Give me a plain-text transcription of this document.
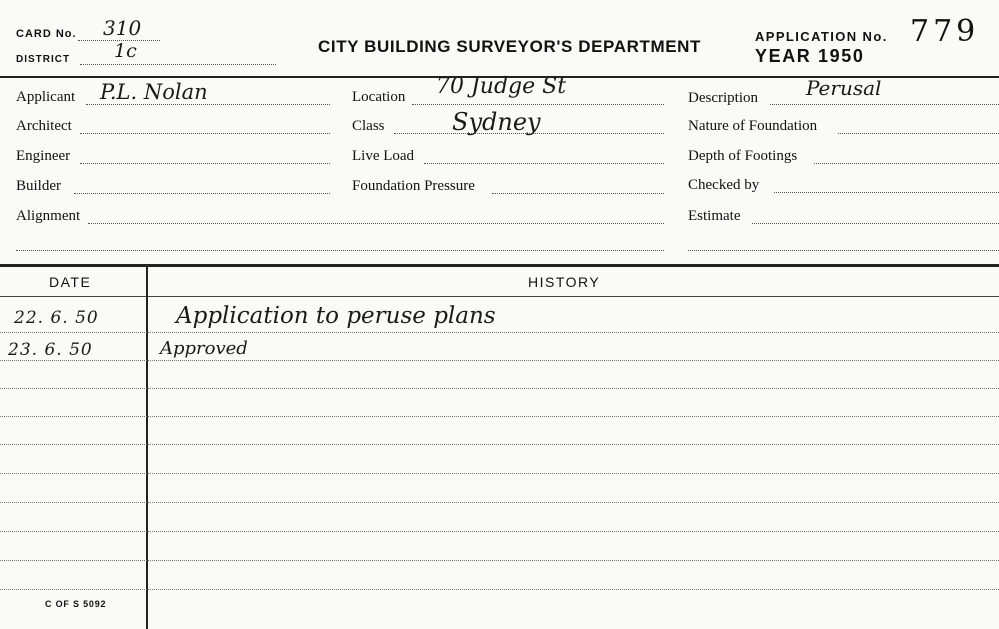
CARD No. 310
DISTRICT 1c	CITY BUILDING SURVEYOR'S DEPARTMENT
APPLICATION No. 779
YEAR 1950
Applicant P.L. Nolan
Architect
Engineer
Builder
Alignment
Location 70 Judge St
Class	Sydney
Live Load
Foundation Pressure
Description Perusal
Nature of Foundation
Depth of Footings
Checked by
Estimate
DATE	HISTORY
22. 6. 50	Application to peruse plans
23. 6. 50	Approved
C OF S 5092
